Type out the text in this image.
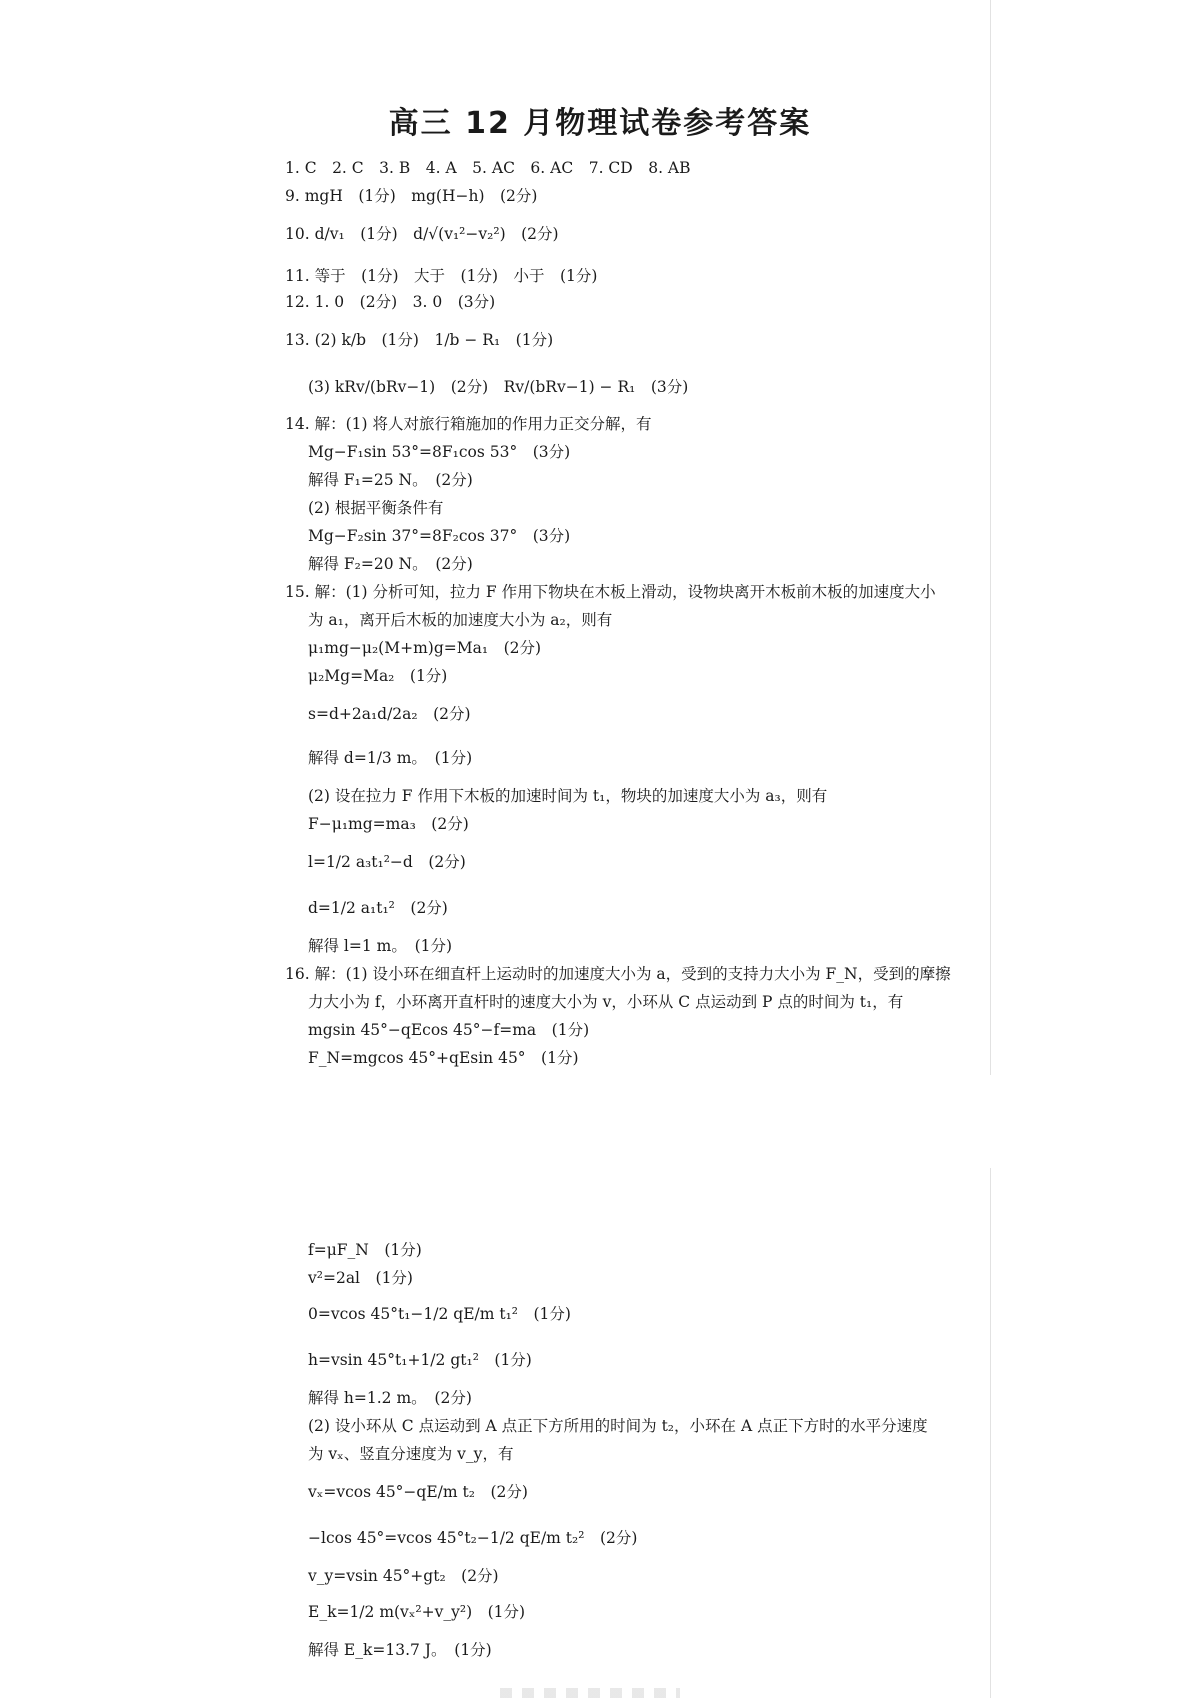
高三 12 月物理试卷参考答案
1. C　2. C　3. B　4. A　5. AC　6. AC　7. CD　8. AB
9. mgH　(1分)　mg(H−h)　(2分)
10. d/v₁　(1分)　d/√(v₁²−v₂²)　(2分)
11. 等于　(1分)　大于　(1分)　小于　(1分)
12. 1. 0　(2分)　3. 0　(3分)
13. (2) k/b　(1分)　1/b − R₁　(1分)
(3) kRv/(bRv−1)　(2分)　Rv/(bRv−1) − R₁　(3分)
14. 解：(1) 将人对旅行箱施加的作用力正交分解，有
Mg−F₁sin 53°=8F₁cos 53°　(3分)
解得 F₁=25 N。　(2分)
(2) 根据平衡条件有
Mg−F₂sin 37°=8F₂cos 37°　(3分)
解得 F₂=20 N。　(2分)
15. 解：(1) 分析可知，拉力 F 作用下物块在木板上滑动，设物块离开木板前木板的加速度大小
为 a₁，离开后木板的加速度大小为 a₂，则有
μ₁mg−μ₂(M+m)g=Ma₁　(2分)
μ₂Mg=Ma₂　(1分)
s=d+2a₁d/2a₂　(2分)
解得 d=1/3 m。　(1分)
(2) 设在拉力 F 作用下木板的加速时间为 t₁，物块的加速度大小为 a₃，则有
F−μ₁mg=ma₃　(2分)
l=1/2 a₃t₁²−d　(2分)
d=1/2 a₁t₁²　(2分)
解得 l=1 m。　(1分)
16. 解：(1) 设小环在细直杆上运动时的加速度大小为 a，受到的支持力大小为 F_N，受到的摩擦
力大小为 f，小环离开直杆时的速度大小为 v，小环从 C 点运动到 P 点的时间为 t₁，有
mgsin 45°−qEcos 45°−f=ma　(1分)
F_N=mgcos 45°+qEsin 45°　(1分)
f=μF_N　(1分)
v²=2al　(1分)
0=vcos 45°t₁−1/2 qE/m t₁²　(1分)
h=vsin 45°t₁+1/2 gt₁²　(1分)
解得 h=1.2 m。　(2分)
(2) 设小环从 C 点运动到 A 点正下方所用的时间为 t₂，小环在 A 点正下方时的水平分速度
为 vₓ、竖直分速度为 v_y，有
vₓ=vcos 45°−qE/m t₂　(2分)
−lcos 45°=vcos 45°t₂−1/2 qE/m t₂²　(2分)
v_y=vsin 45°+gt₂　(2分)
E_k=1/2 m(vₓ²+v_y²)　(1分)
解得 E_k=13.7 J。　(1分)
